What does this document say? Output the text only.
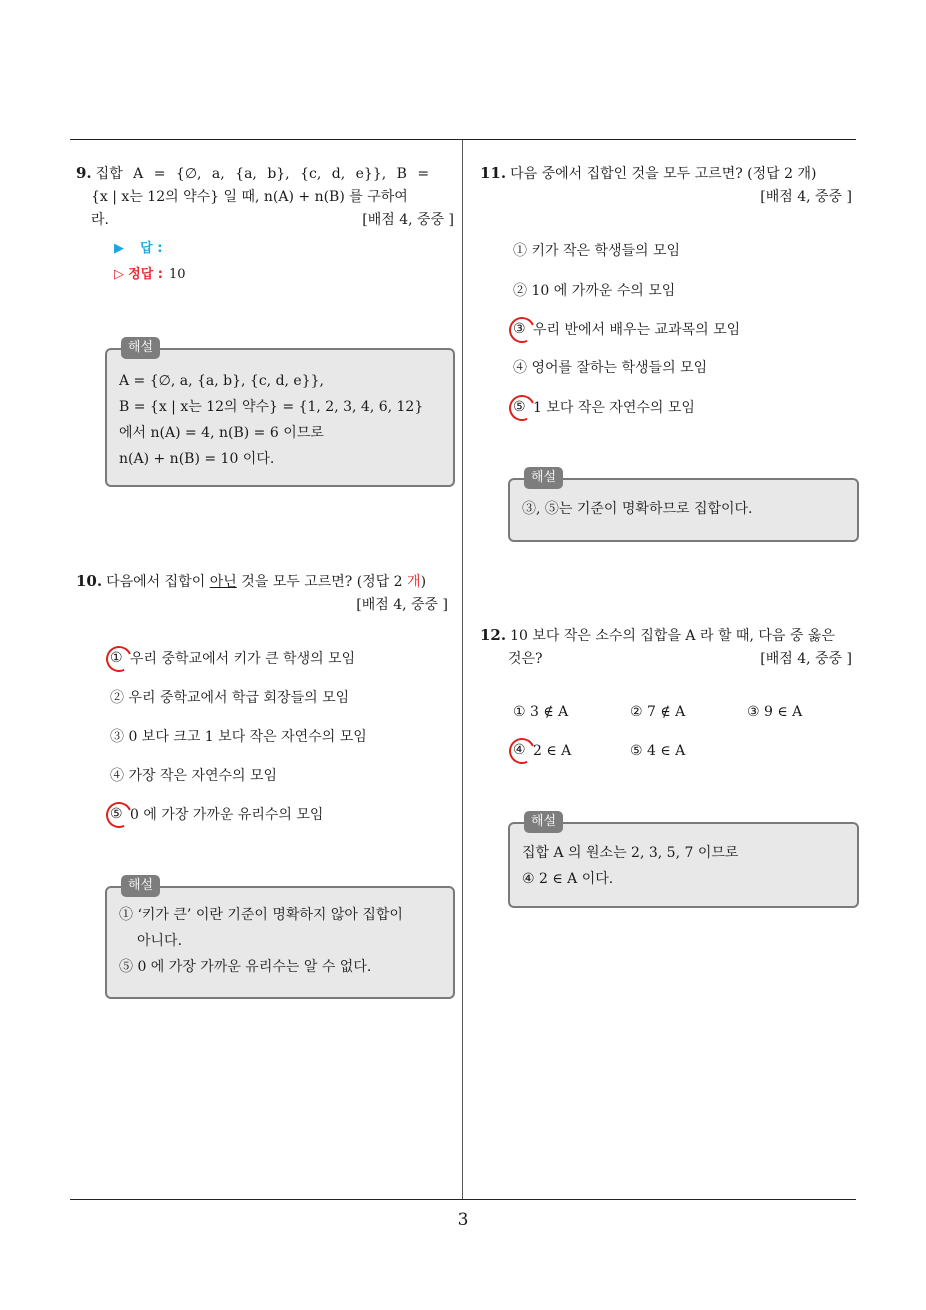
3
9. 집합 A = {∅, a, {a, b}, {c, d, e}}, B =
{x | x는 12의 약수} 일 때, n(A) + n(B) 를 구하여
라.	[배점 4, 중중 ]
▶ 답 :
▷ 정답 : 10
해설
A = {∅, a, {a, b}, {c, d, e}},
B = {x | x는 12의 약수} = {1, 2, 3, 4, 6, 12}
에서 n(A) = 4, n(B) = 6 이므로
n(A) + n(B) = 10 이다.
10. 다음에서 집합이 아닌 것을 모두 고르면? (정답 2 개)
[배점 4, 중중 ]
① 우리 중학교에서 키가 큰 학생의 모임
② 우리 중학교에서 학급 회장들의 모임
③ 0 보다 크고 1 보다 작은 자연수의 모임
④ 가장 작은 자연수의 모임
⑤ 0 에 가장 가까운 유리수의 모임
해설
① ‘키가 큰’ 이란 기준이 명확하지 않아 집합이
아니다.
⑤ 0 에 가장 가까운 유리수는 알 수 없다.
11. 다음 중에서 집합인 것을 모두 고르면? (정답 2 개)
[배점 4, 중중 ]
① 키가 작은 학생들의 모임
② 10 에 가까운 수의 모임
③ 우리 반에서 배우는 교과목의 모임
④ 영어를 잘하는 학생들의 모임
⑤ 1 보다 작은 자연수의 모임
해설
③, ⑤는 기준이 명확하므로 집합이다.
12. 10 보다 작은 소수의 집합을 A 라 할 때, 다음 중 옳은
것은?	[배점 4, 중중 ]
① 3 ∉ A	② 7 ∉ A	③ 9 ∈ A
④ 2 ∈ A	⑤ 4 ∈ A
해설
집합 A 의 원소는 2, 3, 5, 7 이므로
④ 2 ∈ A 이다.
